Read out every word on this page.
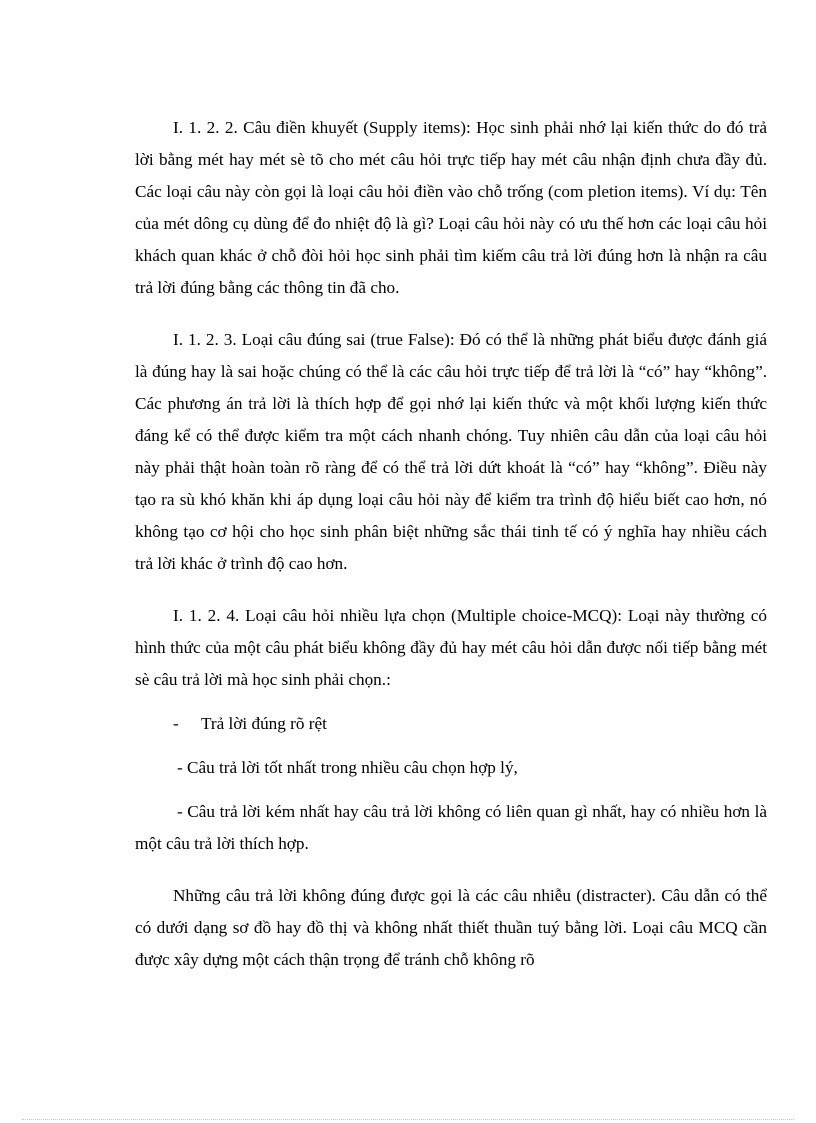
I. 1. 2. 2. Câu điền khuyết (Supply items): Học sinh phải nhớ lại kiến thức do đó trả lời bằng mét hay mét sè tõ cho mét câu hỏi trực tiếp hay mét câu nhận định chưa đầy đủ. Các loại câu này còn gọi là loại câu hỏi điền vào chỗ trống (com pletion items). Ví dụ: Tên của mét dông cụ dùng để đo nhiệt độ là gì? Loại câu hỏi này có ưu thế hơn các loại câu hỏi khách quan khác ở chỗ đòi hỏi học sinh phải tìm kiếm câu trả lời đúng hơn là nhận ra câu trả lời đúng bằng các thông tin đã cho.

I. 1. 2. 3. Loại câu đúng sai (true False): Đó có thể là những phát biểu được đánh giá là đúng hay là sai hoặc chúng có thể là các câu hỏi trực tiếp để trả lời là “có” hay “không”. Các phương án trả lời là thích hợp để gọi nhớ lại kiến thức và một khối lượng kiến thức đáng kể có thể được kiểm tra một cách nhanh chóng. Tuy nhiên câu dẫn của loại câu hỏi này phải thật hoàn toàn rõ ràng để có thể trả lời dứt khoát là “có” hay “không”. Điều này tạo ra sù khó khăn khi áp dụng loại câu hỏi này để kiểm tra trình độ hiểu biết cao hơn, nó không tạo cơ hội cho học sinh phân biệt những sắc thái tinh tế có ý nghĩa hay nhiều cách trả lời khác ở trình độ cao hơn.

I. 1. 2. 4. Loại câu hỏi nhiều lựa chọn (Multiple choice-MCQ): Loại này thường có hình thức của một câu phát biểu không đầy đủ hay mét câu hỏi dẫn được nối tiếp bằng mét sè câu trả lời mà học sinh phải chọn.:

- Trả lời đúng rõ rệt

- Câu trả lời tốt nhất trong nhiều câu chọn hợp lý,

- Câu trả lời kém nhất hay câu trả lời không có liên quan gì nhất, hay có nhiều hơn là một câu trả lời thích hợp.

Những câu trả lời không đúng được gọi là các câu nhiễu (distracter). Câu dẫn có thể có dưới dạng sơ đồ hay đồ thị và không nhất thiết thuần tuý bằng lời. Loại câu MCQ cần được xây dựng một cách thận trọng để tránh chỗ không rõ
